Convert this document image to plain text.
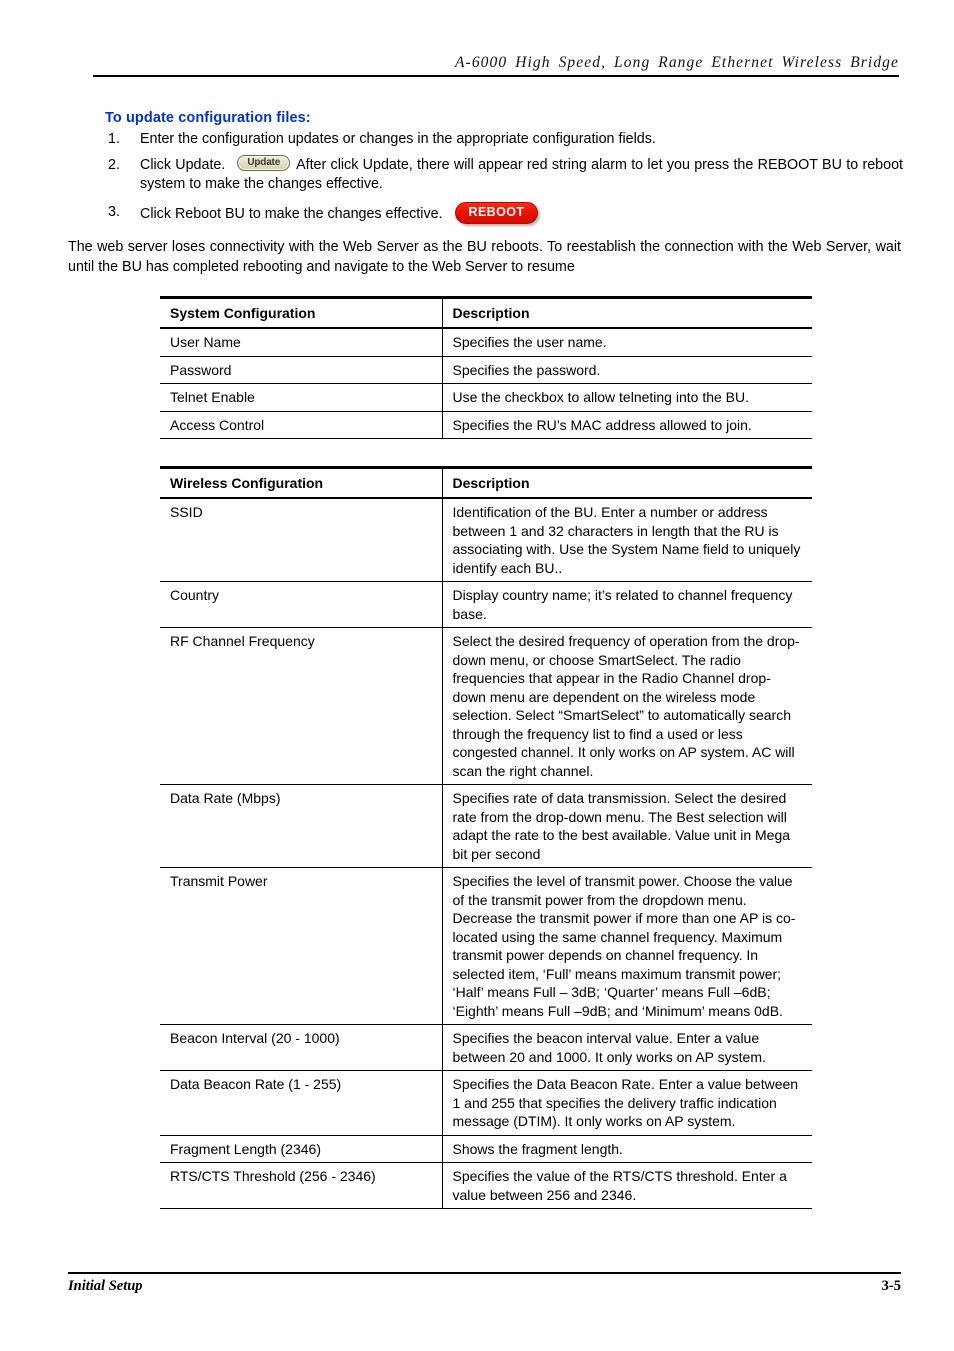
A-6000 High Speed, Long Range Ethernet Wireless Bridge
To update configuration files:
1.	Enter the configuration updates or changes in the appropriate configuration fields.
2.	Click Update. Update After click Update, there will appear red string alarm to let you press the REBOOT BU to reboot system to make the changes effective.
3.	Click Reboot BU to make the changes effective. REBOOT
The web server loses connectivity with the Web Server as the BU reboots. To reestablish the connection with the Web Server, wait until the BU has completed rebooting and navigate to the Web Server to resume
System Configuration	Description
User Name	Specifies the user name.
Password	Specifies the password.
Telnet Enable	Use the checkbox to allow telneting into the BU.
Access Control	Specifies the RU’s MAC address allowed to join.
Wireless Configuration	Description
SSID	Identification of the BU. Enter a number or address between 1 and 32 characters in length that the RU is associating with. Use the System Name field to uniquely identify each BU..
Country	Display country name; it’s related to channel frequency base.
RF Channel Frequency	Select the desired frequency of operation from the drop-down menu, or choose SmartSelect. The radio frequencies that appear in the Radio Channel drop-down menu are dependent on the wireless mode selection. Select “SmartSelect” to automatically search through the frequency list to find a used or less congested channel. It only works on AP system. AC will scan the right channel.
Data Rate (Mbps)	Specifies rate of data transmission. Select the desired rate from the drop-down menu. The Best selection will adapt the rate to the best available. Value unit in Mega bit per second
Transmit Power	Specifies the level of transmit power. Choose the value of the transmit power from the dropdown menu. Decrease the transmit power if more than one AP is co-located using the same channel frequency. Maximum transmit power depends on channel frequency. In selected item, ‘Full’ means maximum transmit power; ‘Half’ means Full – 3dB; ‘Quarter’ means Full –6dB; ‘Eighth’ means Full –9dB; and ‘Minimum’ means 0dB.
Beacon Interval (20 - 1000)	Specifies the beacon interval value. Enter a value between 20 and 1000. It only works on AP system.
Data Beacon Rate (1 - 255)	Specifies the Data Beacon Rate. Enter a value between 1 and 255 that specifies the delivery traffic indication message (DTIM). It only works on AP system.
Fragment Length (2346)	Shows the fragment length.
RTS/CTS Threshold (256 - 2346)	Specifies the value of the RTS/CTS threshold. Enter a value between 256 and 2346.
Initial Setup	3-5
